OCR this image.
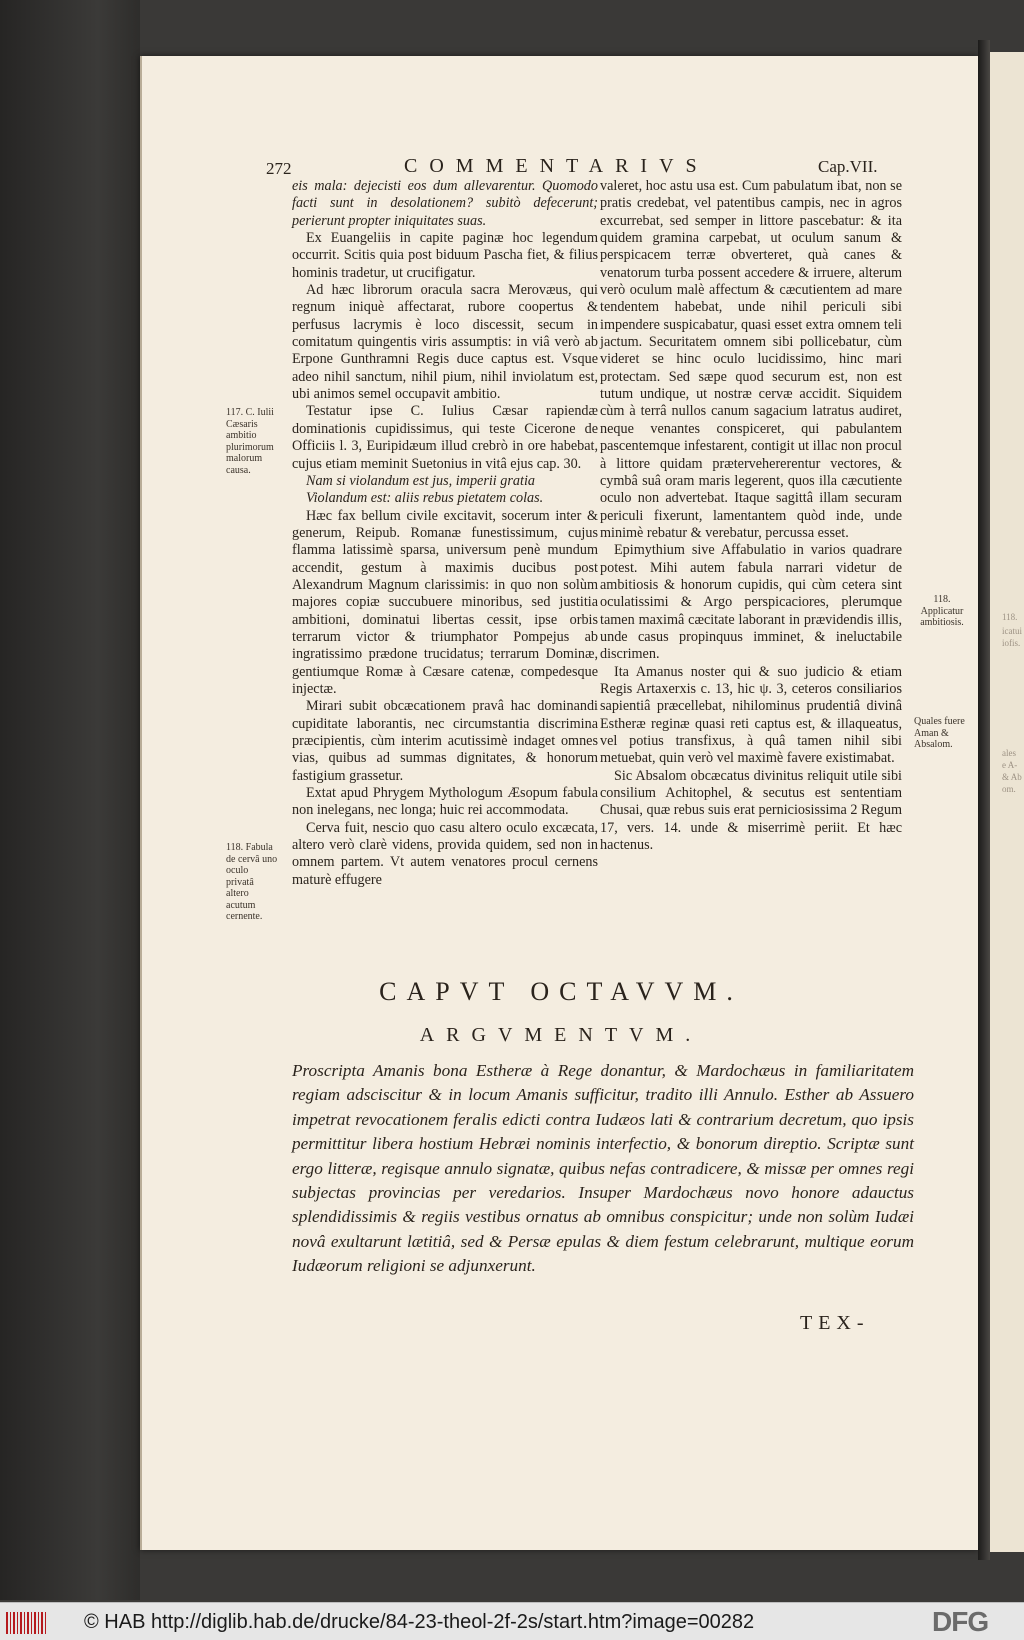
272	COMMENTARIVS	Cap.VII.

eis mala: dejecisti eos dum allevarentur. Quomodo facti sunt in desolationem? subitò defecerunt; perierunt propter iniquitates suas.

Ex Euangeliis in capite paginæ hoc legendum occurrit. Scitis quia post biduum Pascha fiet, & filius hominis tradetur, ut crucifigatur.

Ad hæc librorum oracula sacra Merovæus, qui regnum iniquè affectarat, rubore coopertus & perfusus lacrymis è loco discessit, secum in comitatum quingentis viris assumptis: in viâ verò ab Erpone Gunthramni Regis duce captus est. Vsque adeo nihil sanctum, nihil pium, nihil inviolatum est, ubi animos semel occupavit ambitio.

Testatur ipse C. Iulius Cæsar rapiendæ dominationis cupidissimus, qui teste Cicerone de Officiis l. 3, Euripidæum illud crebrò in ore habebat, cujus etiam meminit Suetonius in vitâ ejus cap. 30.

Nam si violandum est jus, imperii gratia

Violandum est: aliis rebus pietatem colas.

Hæc fax bellum civile excitavit, socerum inter & generum, Reipub. Romanæ funestissimum, cujus flamma latissimè sparsa, universum penè mundum accendit, gestum à maximis ducibus post Alexandrum Magnum clarissimis: in quo non solùm majores copiæ succubuere minoribus, sed justitia ambitioni, dominatui libertas cessit, ipse orbis terrarum victor & triumphator Pompejus ab ingratissimo prædone trucidatus; terrarum Dominæ, gentiumque Romæ à Cæsare catenæ, compedesque injectæ.

Mirari subit obcæcationem pravâ hac dominandi cupiditate laborantis, nec circumstantia discrimina præcipientis, cùm interim acutissimè indaget omnes vias, quibus ad summas dignitates, & honorum fastigium grassetur.

Extat apud Phrygem Mythologum Æsopum fabula non inelegans, nec longa; huic rei accommodata.

Cerva fuit, nescio quo casu altero oculo excæcata, altero verò clarè videns, provida quidem, sed non in omnem partem. Vt autem venatores procul cernens maturè effugere

valeret, hoc astu usa est. Cum pabulatum ibat, non se pratis credebat, vel patentibus campis, nec in agros excurrebat, sed semper in littore pascebatur: & ita quidem gramina carpebat, ut oculum sanum & perspicacem terræ obverteret, quà canes & venatorum turba possent accedere & irruere, alterum verò oculum malè affectum & cæcutientem ad mare tendentem habebat, unde nihil periculi sibi impendere suspicabatur, quasi esset extra omnem teli jactum. Securitatem omnem sibi pollicebatur, cùm videret se hinc oculo lucidissimo, hinc mari protectam. Sed sæpe quod securum est, non est tutum undique, ut nostræ cervæ accidit. Siquidem cùm à terrâ nullos canum sagacium latratus audiret, neque venantes conspiceret, qui pabulantem pascentemque infestarent, contigit ut illac non procul à littore quidam prætervehererentur vectores, & cymbâ suâ oram maris legerent, quos illa cæcutiente oculo non advertebat. Itaque sagittâ illam securam periculi fixerunt, lamentantem quòd inde, unde minimè rebatur & verebatur, percussa esset.

Epimythium sive Affabulatio in varios quadrare potest. Mihi autem fabula narrari videtur de ambitiosis & honorum cupidis, qui cùm cetera sint oculatissimi & Argo perspicaciores, plerumque tamen maximâ cæcitate laborant in prævidendis illis, unde casus propinquus imminet, & ineluctabile discrimen.

Ita Amanus noster qui & suo judicio & etiam Regis Artaxerxis c. 13, hic ψ. 3, ceteros consiliarios sapientiâ præcellebat, nihilominus prudentiâ divinâ Estheræ reginæ quasi reti captus est, & illaqueatus, vel potius transfixus, à quâ tamen nihil sibi metuebat, quin verò vel maximè favere existimabat.

Sic Absalom obcæcatus divinitus reliquit utile sibi consilium Achitophel, & secutus est sententiam Chusai, quæ rebus suis erat perniciosissima 2 Regum 17, vers. 14. unde & miserrimè periit. Et hæc hactenus.

117. C. Iulii Cæsaris ambitio plurimorum malorum causa.
118. Fabula de cervâ uno oculo privatâ altero acutum cernente.
118. Applicatur ambitiosis.
Quales fuere Aman & Absalom.
CAPVT OCTAVVM.
ARGVMENTVM.
Proscripta Amanis bona Estheræ à Rege donantur, & Mardochæus in familiaritatem regiam adsciscitur & in locum Amanis sufficitur, tradito illi Annulo. Esther ab Assuero impetrat revocationem feralis edicti contra Iudæos lati & contrarium decretum, quo ipsis permittitur libera hostium Hebræi nominis interfectio, & bonorum direptio. Scriptæ sunt ergo litteræ, regisque annulo signatæ, quibus nefas contradicere, & missæ per omnes regi subjectas provincias per veredarios. Insuper Mardochæus novo honore adauctus splendidissimis & regiis vestibus ornatus ab omnibus conspicitur; unde non solùm Iudæi novâ exultarunt lætitiâ, sed & Persæ epulas & diem festum celebrarunt, multique eorum Iudæorum religioni se adjunxerunt.
TEX-
118.
icatui
iofis.
ales
e A-
& Ab
om.
© HAB http://diglib.hab.de/drucke/84-23-theol-2f-2s/start.htm?image=00282	DFG
